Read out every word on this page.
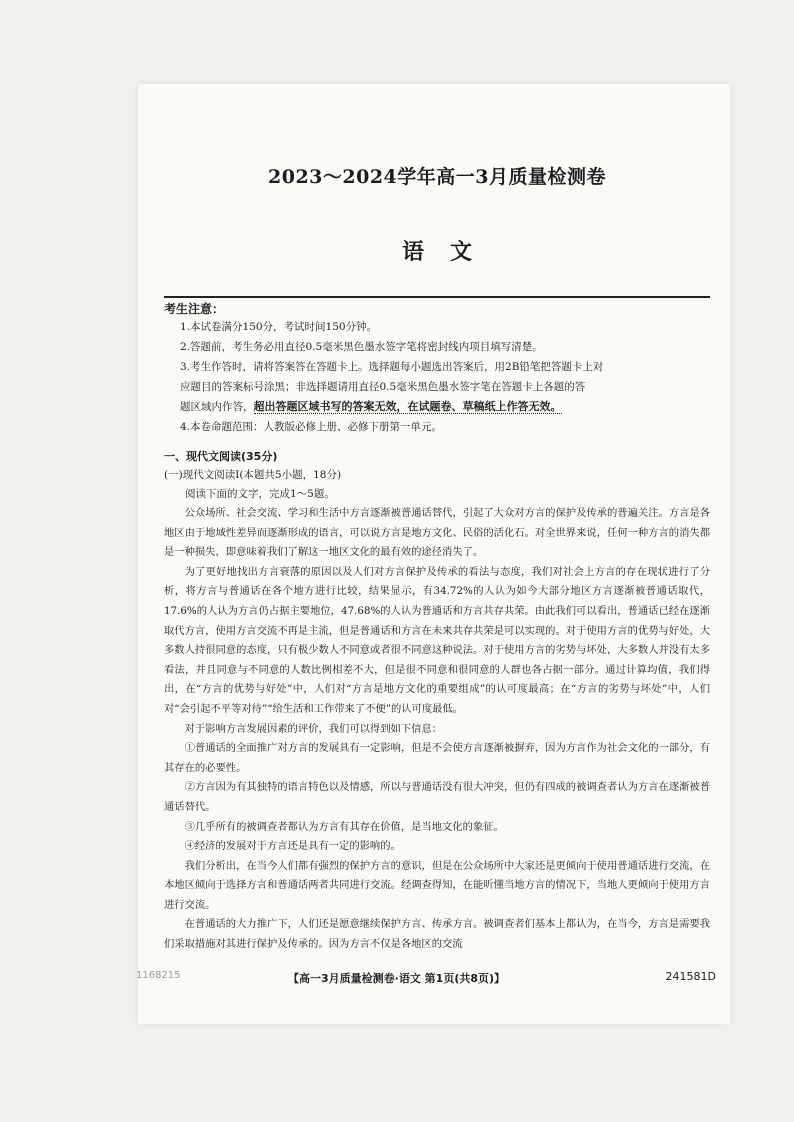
2023～2024学年高一3月质量检测卷
语文
考生注意：
1.本试卷满分150分，考试时间150分钟。
2.答题前，考生务必用直径0.5毫米黑色墨水签字笔将密封线内项目填写清楚。
3.考生作答时，请将答案答在答题卡上。选择题每小题选出答案后，用2B铅笔把答题卡上对
应题目的答案标号涂黑；非选择题请用直径0.5毫米黑色墨水签字笔在答题卡上各题的答
题区域内作答，超出答题区域书写的答案无效，在试题卷、草稿纸上作答无效。
4.本卷命题范围：人教版必修上册、必修下册第一单元。
一、现代文阅读(35分)
(一)现代文阅读Ⅰ(本题共5小题，18分)
阅读下面的文字，完成1～5题。

公众场所、社会交流、学习和生活中方言逐渐被普通话替代，引起了大众对方言的保护及传承的普遍关注。方言是各地区由于地域性差异而逐渐形成的语言，可以说方言是地方文化、民俗的活化石。对全世界来说，任何一种方言的消失都是一种损失，即意味着我们了解这一地区文化的最有效的途径消失了。

为了更好地找出方言衰落的原因以及人们对方言保护及传承的看法与态度，我们对社会上方言的存在现状进行了分析，将方言与普通话在各个地方进行比较，结果显示，有34.72%的人认为如今大部分地区方言逐渐被普通话取代，17.6%的人认为方言仍占据主要地位，47.68%的人认为普通话和方言共存共荣。由此我们可以看出，普通话已经在逐渐取代方言，使用方言交流不再是主流，但是普通话和方言在未来共存共荣是可以实现的。对于使用方言的优势与好处，大多数人持很同意的态度，只有极少数人不同意或者很不同意这种说法。对于使用方言的劣势与坏处，大多数人并没有太多看法，并且同意与不同意的人数比例相差不大，但是很不同意和很同意的人群也各占据一部分。通过计算均值，我们得出，在“方言的优势与好处”中，人们对“方言是地方文化的重要组成”的认可度最高；在“方言的劣势与坏处”中，人们对“会引起不平等对待”“给生活和工作带来了不便”的认可度最低。

对于影响方言发展因素的评价，我们可以得到如下信息：

①普通话的全面推广对方言的发展具有一定影响，但是不会使方言逐渐被摒弃，因为方言作为社会文化的一部分，有其存在的必要性。

②方言因为有其独特的语言特色以及情感，所以与普通话没有很大冲突，但仍有四成的被调查者认为方言在逐渐被普通话替代。

③几乎所有的被调查者都认为方言有其存在价值，是当地文化的象征。

④经济的发展对于方言还是具有一定的影响的。

我们分析出，在当今人们都有强烈的保护方言的意识，但是在公众场所中大家还是更倾向于使用普通话进行交流，在本地区倾向于选择方言和普通话两者共同进行交流。经调查得知，在能听懂当地方言的情况下，当地人更倾向于使用方言进行交流。

在普通话的大力推广下，人们还是愿意继续保护方言、传承方言。被调查者们基本上都认为，在当今，方言是需要我们采取措施对其进行保护及传承的。因为方言不仅是各地区的交流

1168215	【高一3月质量检测卷·语文 第1页(共8页)】	241581D
